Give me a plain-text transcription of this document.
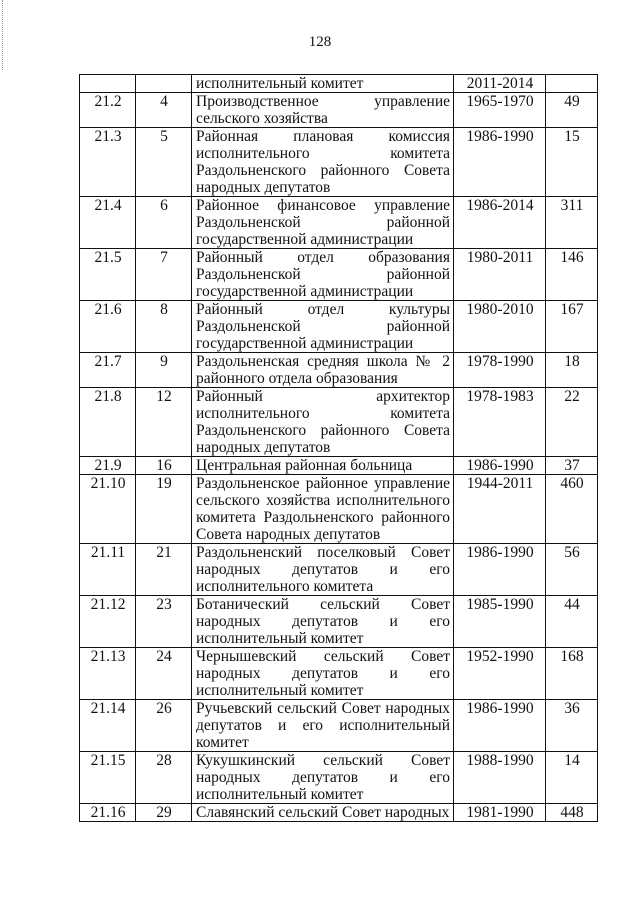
128
		исполнительный комитет	2011-2014	
21.2	4	Производственное управление сельского хозяйства	1965-1970	49
21.3	5	Районная плановая комиссия исполнительного комитета Раздольненского районного Совета народных депутатов	1986-1990	15
21.4	6	Районное финансовое управление Раздольненской районной государственной администрации	1986-2014	311
21.5	7	Районный отдел образования Раздольненской районной государственной администрации	1980-2011	146
21.6	8	Районный отдел культуры Раздольненской районной государственной администрации	1980-2010	167
21.7	9	Раздольненская средняя школа № 2 районного отдела образования	1978-1990	18
21.8	12	Районный архитектор исполнительного комитета Раздольненского районного Совета народных депутатов	1978-1983	22
21.9	16	Центральная районная больница	1986-1990	37
21.10	19	Раздольненское районное управление сельского хозяйства исполнительного комитета Раздольненского районного Совета народных депутатов	1944-2011	460
21.11	21	Раздольненский поселковый Совет народных депутатов и его исполнительного комитета	1986-1990	56
21.12	23	Ботанический сельский Совет народных депутатов и его исполнительный комитет	1985-1990	44
21.13	24	Чернышевский сельский Совет народных депутатов и его исполнительный комитет	1952-1990	168
21.14	26	Ручьевский сельский Совет народных депутатов и его исполнительный комитет	1986-1990	36
21.15	28	Кукушкинский сельский Совет народных депутатов и его исполнительный комитет	1988-1990	14
21.16	29	Славянский сельский Совет народных	1981-1990	448
